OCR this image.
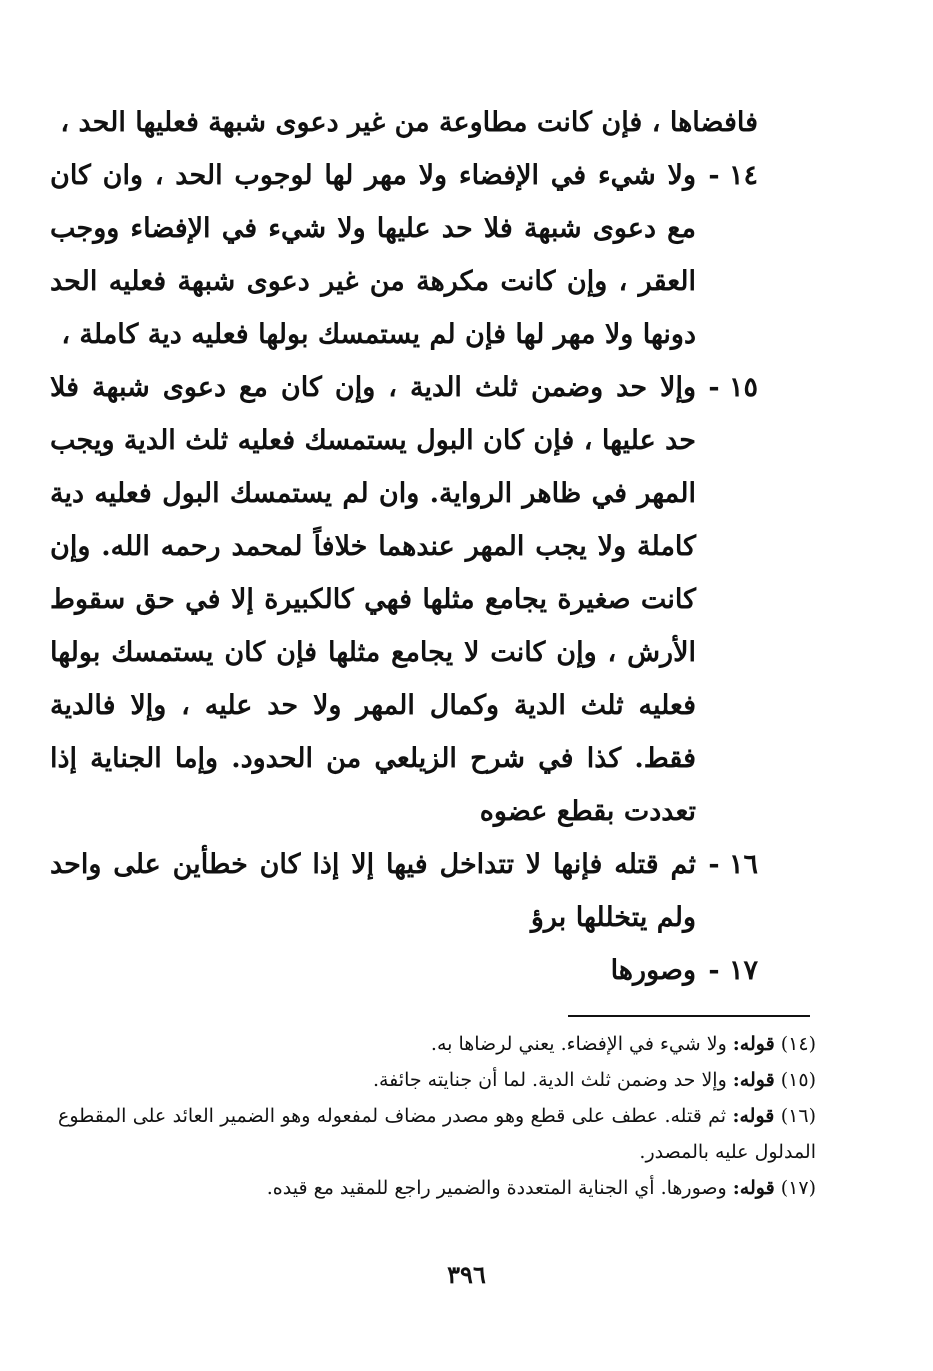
فافضاها ، فإن كانت مطاوعة من غير دعوى شبهة فعليها الحد ،

١٤ -
ولا شيء في الإفضاء ولا مهر لها لوجوب الحد ، وان كان مع دعوى شبهة فلا حد عليها ولا شيء في الإفضاء ووجب العقر ، وإن كانت مكرهة من غير دعوى شبهة فعليه الحد دونها ولا مهر لها فإن لم يستمسك بولها فعليه دية كاملة ،
١٥ -
وإلا حد وضمن ثلث الدية ، وإن كان مع دعوى شبهة فلا حد عليها ، فإن كان البول يستمسك فعليه ثلث الدية ويجب المهر في ظاهر الرواية. وان لم يستمسك البول فعليه دية كاملة ولا يجب المهر عندهما خلافاً لمحمد رحمه الله. وإن كانت صغيرة يجامع مثلها فهي كالكبيرة إلا في حق سقوط الأرش ، وإن كانت لا يجامع مثلها فإن كان يستمسك بولها فعليه ثلث الدية وكمال المهر ولا حد عليه ، وإلا فالدية فقط. كذا في شرح الزيلعي من الحدود. وإما الجناية إذا تعددت بقطع عضوه
١٦ -
ثم قتله فإنها لا تتداخل فيها إلا إذا كان خطأين على واحد ولم يتخللها برؤ
١٧ -
وصورها

(١٤) قوله: ولا شيء في الإفضاء. يعني لرضاها به.

(١٥) قوله: وإلا حد وضمن ثلث الدية. لما أن جنايته جائفة.

(١٦) قوله: ثم قتله. عطف على قطع وهو مصدر مضاف لمفعوله وهو الضمير العائد على المقطوع المدلول عليه بالمصدر.

(١٧) قوله: وصورها. أي الجناية المتعددة والضمير راجع للمقيد مع قيده.

٣٩٦
